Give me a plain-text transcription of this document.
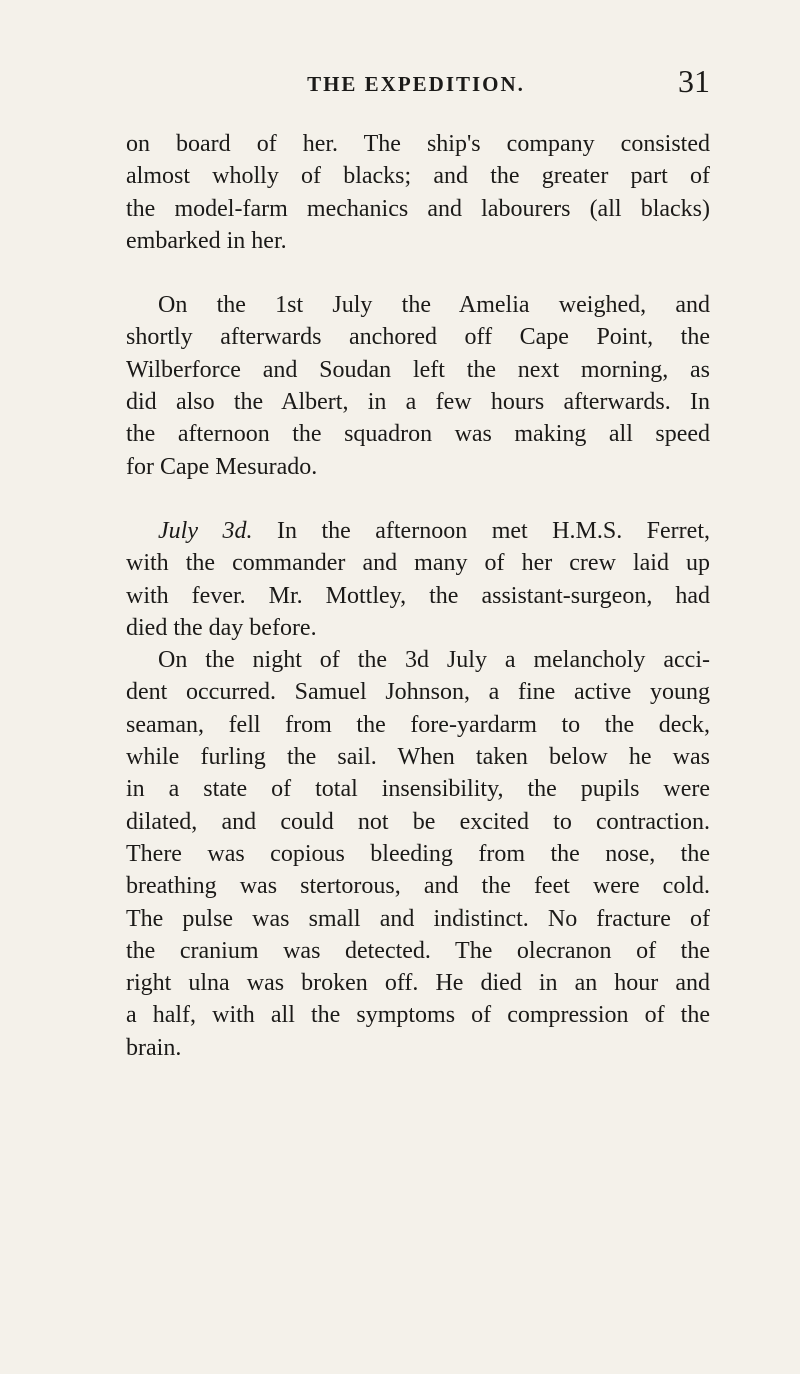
THE EXPEDITION.	31
on board of her. The ship's company consisted
almost wholly of blacks; and the greater part of
the model-farm mechanics and labourers (all blacks)
embarked in her.
On the 1st July the Amelia weighed, and
shortly afterwards anchored off Cape Point, the
Wilberforce and Soudan left the next morning, as
did also the Albert, in a few hours afterwards. In
the afternoon the squadron was making all speed
for Cape Mesurado.
July 3d. In the afternoon met H.M.S. Ferret,
with the commander and many of her crew laid up
with fever. Mr. Mottley, the assistant-surgeon, had
died the day before.
On the night of the 3d July a melancholy acci-
dent occurred. Samuel Johnson, a fine active young
seaman, fell from the fore-yardarm to the deck,
while furling the sail. When taken below he was
in a state of total insensibility, the pupils were
dilated, and could not be excited to contraction.
There was copious bleeding from the nose, the
breathing was stertorous, and the feet were cold.
The pulse was small and indistinct. No fracture of
the cranium was detected. The olecranon of the
right ulna was broken off. He died in an hour and
a half, with all the symptoms of compression of the
brain.
